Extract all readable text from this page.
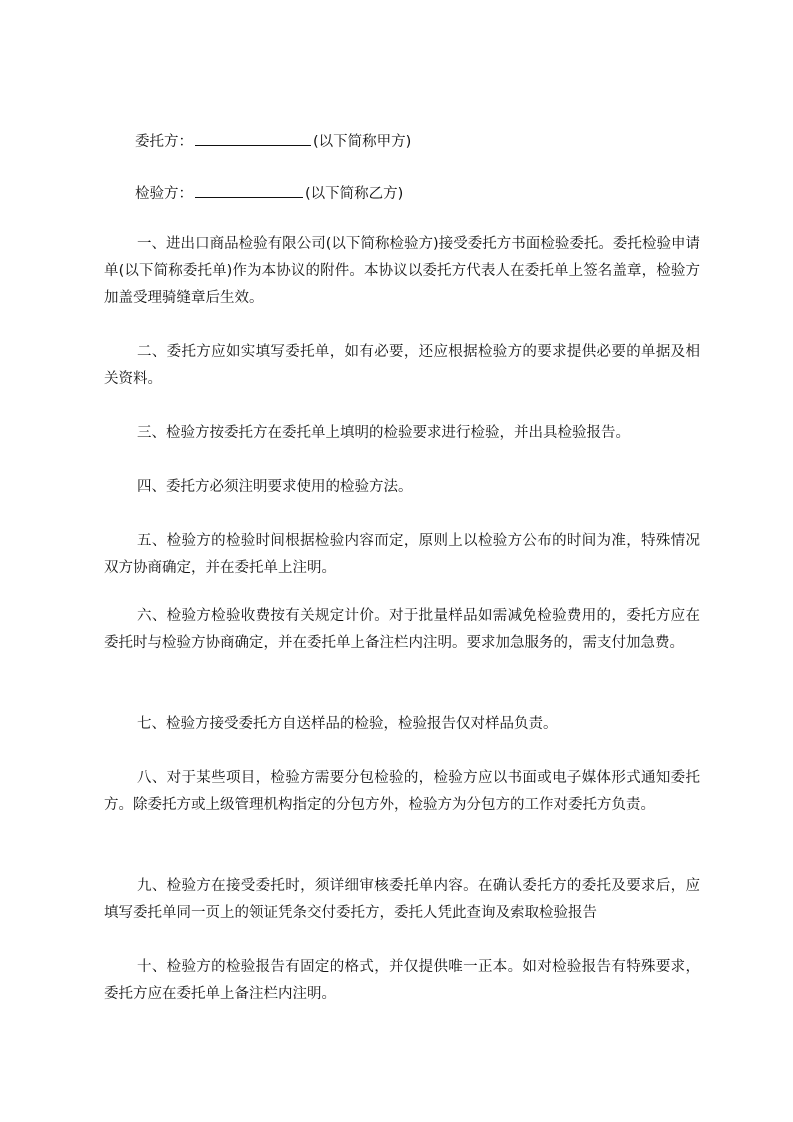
委托方：	(以下简称甲方)
检验方：	(以下简称乙方)

一、进出口商品检验有限公司(以下简称检验方)接受委托方书面检验委托。委托检验申请单(以下简称委托单)作为本协议的附件。本协议以委托方代表人在委托单上签名盖章，检验方加盖受理骑缝章后生效。

二、委托方应如实填写委托单，如有必要，还应根据检验方的要求提供必要的单据及相关资料。

三、检验方按委托方在委托单上填明的检验要求进行检验，并出具检验报告。

四、委托方必须注明要求使用的检验方法。

五、检验方的检验时间根据检验内容而定，原则上以检验方公布的时间为准，特殊情况双方协商确定，并在委托单上注明。

六、检验方检验收费按有关规定计价。对于批量样品如需减免检验费用的，委托方应在委托时与检验方协商确定，并在委托单上备注栏内注明。要求加急服务的，需支付加急费。

七、检验方接受委托方自送样品的检验，检验报告仅对样品负责。

八、对于某些项目，检验方需要分包检验的，检验方应以书面或电子媒体形式通知委托方。除委托方或上级管理机构指定的分包方外，检验方为分包方的工作对委托方负责。

九、检验方在接受委托时，须详细审核委托单内容。在确认委托方的委托及要求后，应填写委托单同一页上的领证凭条交付委托方，委托人凭此查询及索取检验报告

十、检验方的检验报告有固定的格式，并仅提供唯一正本。如对检验报告有特殊要求，委托方应在委托单上备注栏内注明。
